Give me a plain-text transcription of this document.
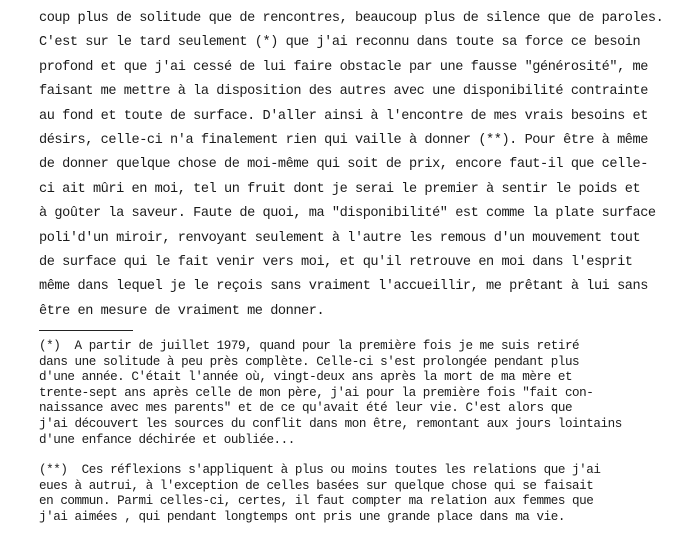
coup plus de solitude que de rencontres, beaucoup plus de silence que de paroles.
C'est sur le tard seulement (*) que j'ai reconnu dans toute sa force ce besoin
profond et que j'ai cessé de lui faire obstacle par une fausse "générosité", me
faisant me mettre à la disposition des autres avec une disponibilité contrainte
au fond et toute de surface. D'aller ainsi à l'encontre de mes vrais besoins et
désirs, celle-ci n'a finalement rien qui vaille à donner (**). Pour être à même
de donner quelque chose de moi-même qui soit de prix, encore faut-il que celle-
ci ait mûri en moi, tel un fruit dont je serai le premier à sentir le poids et
à goûter la saveur. Faute de quoi, ma "disponibilité" est comme la plate surface
poli'd'un miroir, renvoyant seulement à l'autre les remous d'un mouvement tout
de surface qui le fait venir vers moi, et qu'il retrouve en moi dans l'esprit
même dans lequel je le reçois sans vraiment l'accueillir, me prêtant à lui sans
être en mesure de vraiment me donner.
(*)  A partir de juillet 1979, quand pour la première fois je me suis retiré
dans une solitude à peu près complète. Celle-ci s'est prolongée pendant plus
d'une année. C'était l'année où, vingt-deux ans après la mort de ma mère et
trente-sept ans après celle de mon père, j'ai pour la première fois "fait con-
naissance avec mes parents" et de ce qu'avait été leur vie. C'est alors que
j'ai découvert les sources du conflit dans mon être, remontant aux jours lointains
d'une enfance déchirée et oubliée...
(**)  Ces réflexions s'appliquent à plus ou moins toutes les relations que j'ai
eues à autrui, à l'exception de celles basées sur quelque chose qui se faisait
en commun. Parmi celles-ci, certes, il faut compter ma relation aux femmes que
j'ai aimées , qui pendant longtemps ont pris une grande place dans ma vie.
